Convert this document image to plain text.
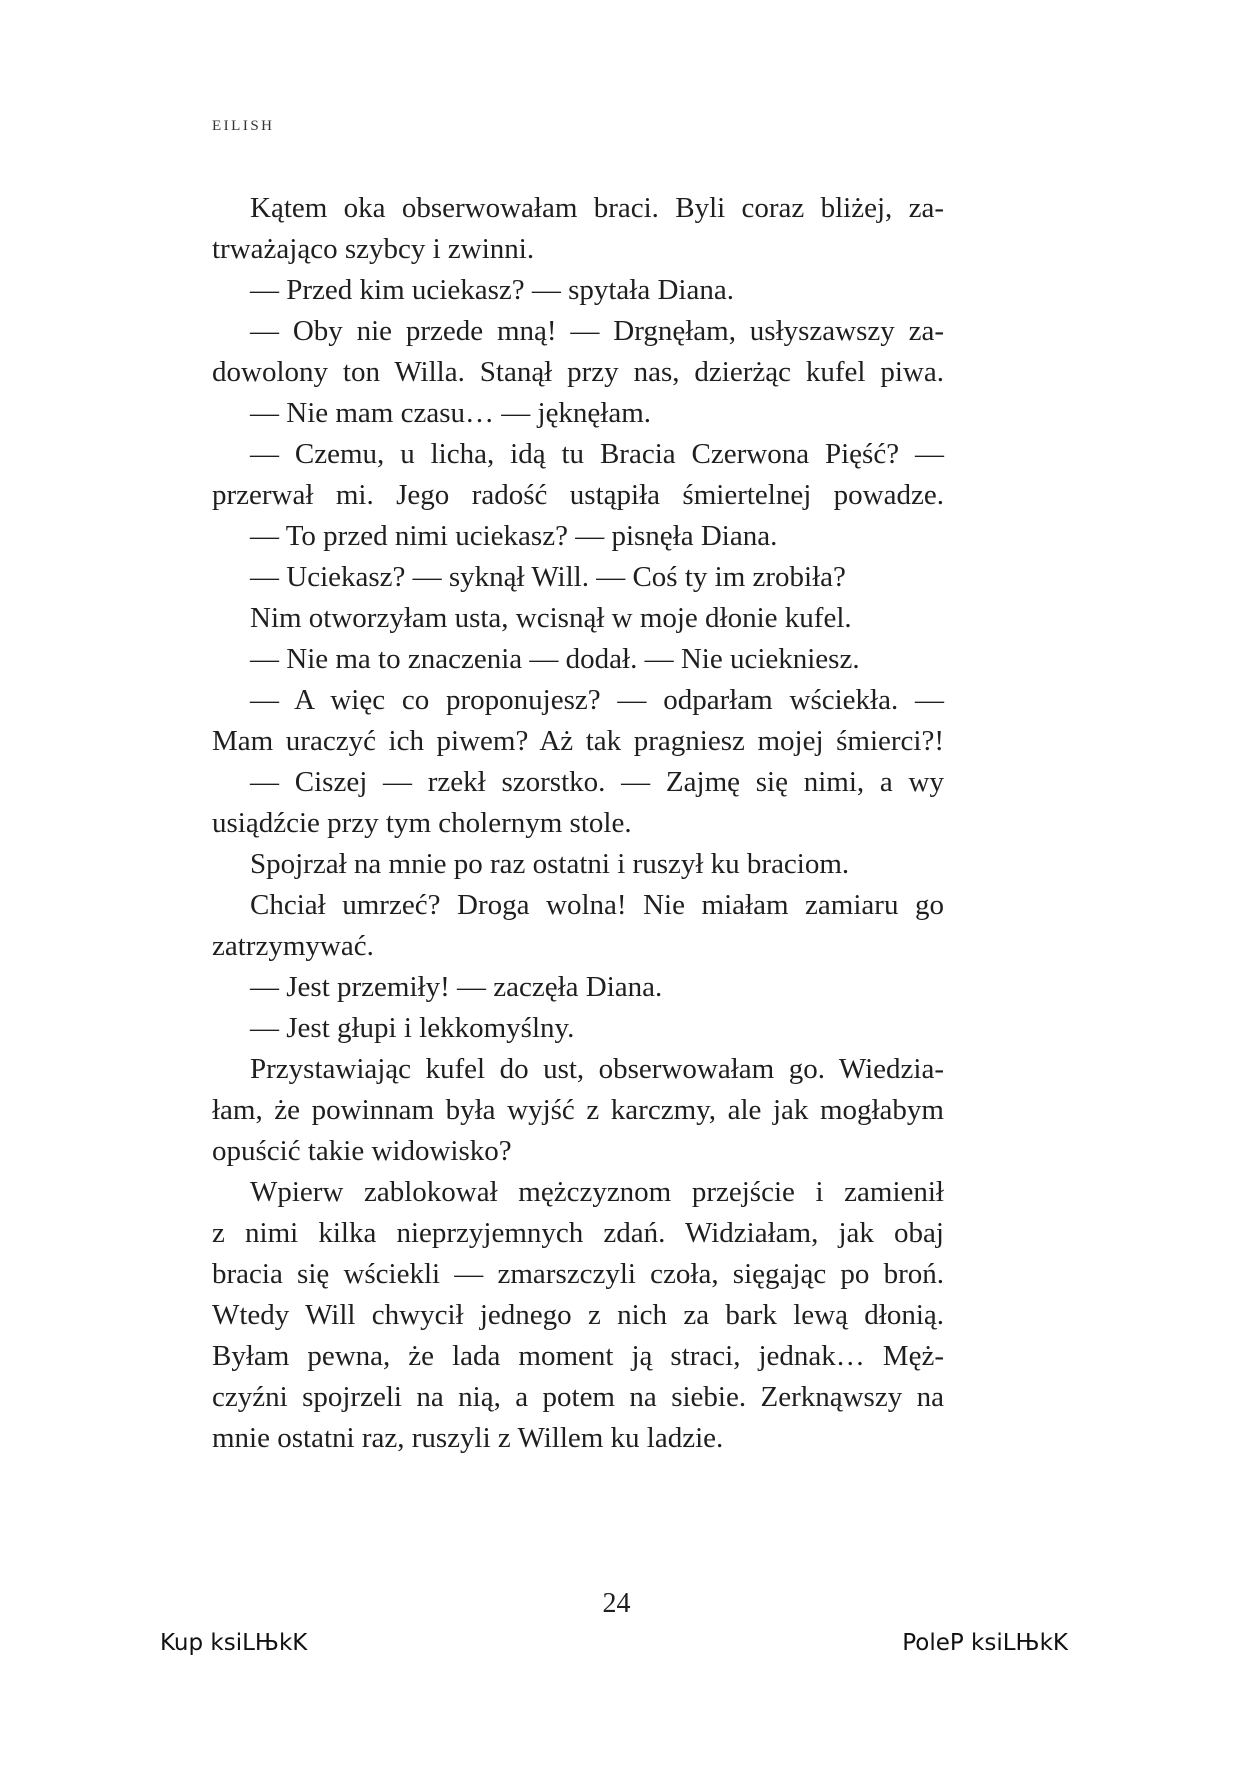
EILISH
Kątem oka obserwowałam braci. Byli coraz bliżej, za-
trważająco szybcy i zwinni.
— Przed kim uciekasz? — spytała Diana.
— Oby nie przede mną! — Drgnęłam, usłyszawszy za-
dowolony ton Willa. Stanął przy nas, dzierżąc kufel piwa.
— Nie mam czasu… — jęknęłam.
— Czemu, u licha, idą tu Bracia Czerwona Pięść? —
przerwał mi. Jego radość ustąpiła śmiertelnej powadze.
— To przed nimi uciekasz? — pisnęła Diana.
— Uciekasz? — syknął Will. — Coś ty im zrobiła?
Nim otworzyłam usta, wcisnął w moje dłonie kufel.
— Nie ma to znaczenia — dodał. — Nie uciekniesz.
— A więc co proponujesz? — odparłam wściekła. —
Mam uraczyć ich piwem? Aż tak pragniesz mojej śmierci?!
— Ciszej — rzekł szorstko. — Zajmę się nimi, a wy
usiądźcie przy tym cholernym stole.
Spojrzał na mnie po raz ostatni i ruszył ku braciom.
Chciał umrzeć? Droga wolna! Nie miałam zamiaru go
zatrzymywać.
— Jest przemiły! — zaczęła Diana.
— Jest głupi i lekkomyślny.
Przystawiając kufel do ust, obserwowałam go. Wiedzia-
łam, że powinnam była wyjść z karczmy, ale jak mogłabym
opuścić takie widowisko?
Wpierw zablokował mężczyznom przejście i zamienił
z nimi kilka nieprzyjemnych zdań. Widziałam, jak obaj
bracia się wściekli — zmarszczyli czoła, sięgając po broń.
Wtedy Will chwycił jednego z nich za bark lewą dłonią.
Byłam pewna, że lada moment ją straci, jednak… Męż-
czyźni spojrzeli na nią, a potem na siebie. Zerknąwszy na
mnie ostatni raz, ruszyli z Willem ku ladzie.
24
Kup ksiLЊkK	PoleP ksiLЊkK
